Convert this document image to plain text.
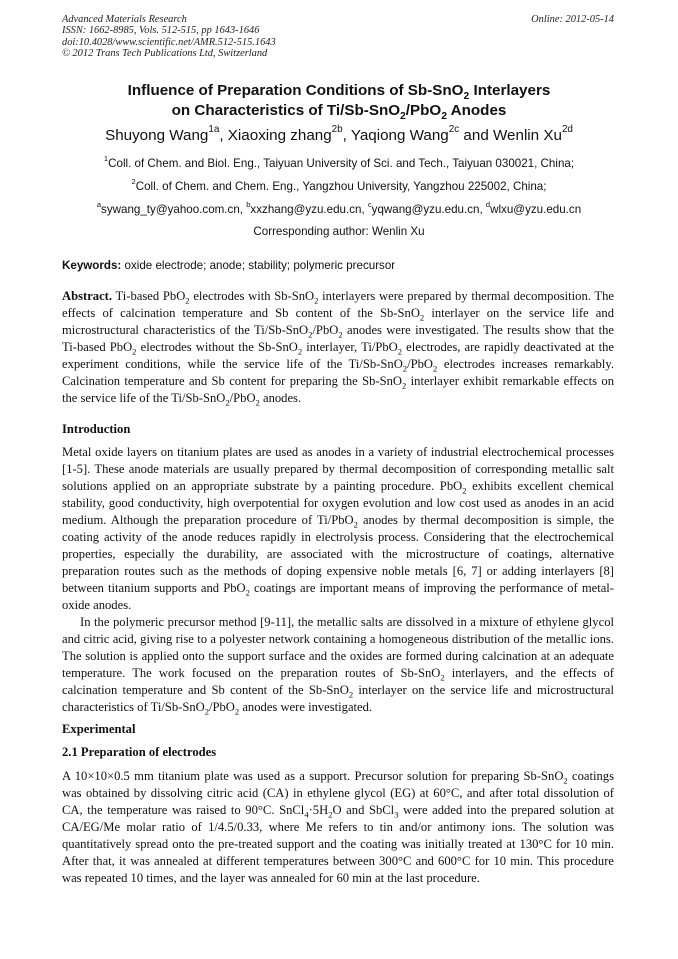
Advanced Materials Research
ISSN: 1662-8985, Vols. 512-515, pp 1643-1646
doi:10.4028/www.scientific.net/AMR.512-515.1643
© 2012 Trans Tech Publications Ltd, Switzerland
Online: 2012-05-14
Influence of Preparation Conditions of Sb-SnO$_2$ Interlayers
on Characteristics of Ti/Sb-SnO$_2$/PbO$_2$ Anodes
Shuyong Wang$^{1a}$, Xiaoxing zhang$^{2b}$, Yaqiong Wang$^{2c}$ and Wenlin $Xu^{2d}$
$^1$Coll. of Chem. and Biol. Eng., Taiyuan University of Sci. and Tech., Taiyuan 030021, China;
$^2$Coll. of Chem. and Chem. Eng., Yangzhou University, Yangzhou 225002, China;
$^a$sywang_ty@yahoo.com.cn, $^b$xxzhang@yzu.edu.cn, $^c$yqwang@yzu.edu.cn, $^d$wlxu@yzu.edu.cn
Corresponding author: Wenlin Xu
Keywords: oxide electrode; anode; stability; polymeric precursor
Abstract. Ti-based PbO$_2$ electrodes with Sb-SnO$_2$ interlayers were prepared by thermal decomposition. The effects of calcination temperature and Sb content of the Sb-SnO$_2$ interlayer on the service life and microstructural characteristics of the Ti/Sb-SnO$_2$/PbO$_2$ anodes were investigated. The results show that the Ti-based PbO$_2$ electrodes without the Sb-SnO$_2$ interlayer, Ti/PbO$_2$ electrodes, are rapidly deactivated at the experiment conditions, while the service life of the Ti/Sb-SnO$_2$/PbO$_2$ electrodes increases remarkably. Calcination temperature and Sb content for preparing the Sb-SnO$_2$ interlayer exhibit remarkable effects on the service life of the Ti/Sb-SnO$_2$/PbO$_2$ anodes.
Introduction
Metal oxide layers on titanium plates are used as anodes in a variety of industrial electrochemical processes [1-5]. These anode materials are usually prepared by thermal decomposition of corresponding metallic salt solutions applied on an appropriate substrate by a painting procedure. PbO$_2$ exhibits excellent chemical stability, good conductivity, high overpotential for oxygen evolution and low cost used as anodes in an acid medium. Although the preparation procedure of Ti/PbO$_2$ anodes by thermal decomposition is simple, the coating activity of the anode reduces rapidly in electrolysis process. Considering that the electrochemical properties, especially the durability, are associated with the microstructure of coatings, alternative preparation routes such as the methods of doping expensive noble metals [6, 7] or adding interlayers [8] between titanium supports and PbO$_2$ coatings are important means of improving the performance of metal-oxide anodes.
In the polymeric precursor method [9-11], the metallic salts are dissolved in a mixture of ethylene glycol and citric acid, giving rise to a polyester network containing a homogeneous distribution of the metallic ions. The solution is applied onto the support surface and the oxides are formed during calcination at an adequate temperature. The work focused on the preparation routes of Sb-SnO$_2$ interlayers, and the effects of calcination temperature and Sb content of the Sb-SnO$_2$ interlayer on the service life and microstructural characteristics of Ti/Sb-SnO$_2$/PbO$_2$ anodes were investigated.
Experimental
2.1 Preparation of electrodes
A 10×10×0.5 mm titanium plate was used as a support. Precursor solution for preparing Sb-SnO$_2$ coatings was obtained by dissolving citric acid (CA) in ethylene glycol (EG) at 60°C, and after total dissolution of CA, the temperature was raised to 90°C. $SnCl_4\cdot 5H_2O$ and SbCl$_3$ were added into the prepared solution at CA/EG/Me molar ratio of 1/4.5/0.33, where Me refers to tin and/or antimony ions. The solution was quantitatively spread onto the pre-treated support and the coating was initially treated at 130°C for 10 min. After that, it was annealed at different temperatures between 300°C and 600°C for 10 min. This procedure was repeated 10 times, and the layer was annealed for 60 min at the last procedure.
